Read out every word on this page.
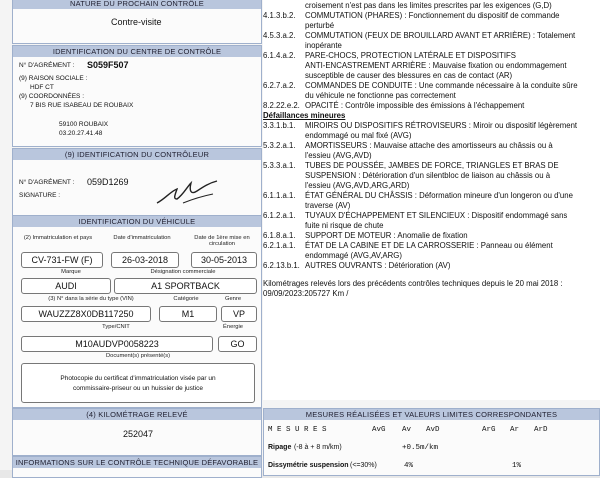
NATURE DU PROCHAIN CONTRÔLE
Contre-visite
IDENTIFICATION DU CENTRE DE CONTRÔLE
N° D'AGRÉMENT : S059F507
(9) RAISON SOCIALE :
HDF CT
(9) COORDONNÉES :
7 BIS RUE ISABEAU DE ROUBAIX
59100 ROUBAIX
03.20.27.41.48
(9) IDENTIFICATION DU CONTRÔLEUR
N° D'AGRÉMENT : 059D1269
SIGNATURE :
IDENTIFICATION DU VÉHICULE
(2) Immatriculation et pays	Date d'immatriculation	Date de 1ère mise en circulation
CV-731-FW (F)	26-03-2018	30-05-2013
Marque	Désignation commerciale
AUDI	A1 SPORTBACK
(3) N° dans la série du type (VIN)	Catégorie	Genre
WAUZZZ8X0DB117250	M1	VP
Type/CNIT	Énergie
M10AUDVP0058223	GO
Document(s) présenté(s)
Photocopie du certificat d'immatriculation visée par un
commissaire-priseur ou un huissier de justice
(4) KILOMÉTRAGE RELEVÉ
252047
INFORMATIONS SUR LE CONTRÔLE TECHNIQUE DÉFAVORABLE
croisement n'est pas dans les limites prescrites par les exigences (G,D)
4.1.3.b.2. COMMUTATION (PHARES) : Fonctionnement du dispositif de commande
perturbé
4.5.3.a.2. COMMUTATION (FEUX DE BROUILLARD AVANT ET ARRIÈRE) : Totalement
inopérante
6.1.4.a.2. PARE-CHOCS, PROTECTION LATÉRALE ET DISPOSITIFS
ANTI-ENCASTREMENT ARRIÈRE : Mauvaise fixation ou endommagement
susceptible de causer des blessures en cas de contact (AR)
6.2.7.a.2. COMMANDES DE CONDUITE : Une commande nécessaire à la conduite sûre
du véhicule ne fonctionne pas correctement
8.2.22.e.2. OPACITÉ : Contrôle impossible des émissions à l'échappement
Défaillances mineures
3.3.1.b.1. MIROIRS OU DISPOSITIFS RÉTROVISEURS : Miroir ou dispositif légèrement
endommagé ou mal fixé (AVG)
5.3.2.a.1. AMORTISSEURS : Mauvaise attache des amortisseurs au châssis ou à
l'essieu (AVG,AVD)
5.3.3.a.1. TUBES DE POUSSÉE, JAMBES DE FORCE, TRIANGLES ET BRAS DE
SUSPENSION : Détérioration d'un silentbloc de liaison au châssis ou à
l'essieu (AVG,AVD,ARG,ARD)
6.1.1.a.1. ÉTAT GÉNÉRAL DU CHÂSSIS : Déformation mineure d'un longeron ou d'une
traverse (AV)
6.1.2.a.1. TUYAUX D'ÉCHAPPEMENT ET SILENCIEUX : Dispositif endommagé sans
fuite ni risque de chute
6.1.8.a.1. SUPPORT DE MOTEUR : Anomalie de fixation
6.2.1.a.1. ÉTAT DE LA CABINE ET DE LA CARROSSERIE : Panneau ou élément
endommagé (AVG,AV,ARG)
6.2.13.b.1. AUTRES OUVRANTS : Détérioration (AV)
Kilométrages relevés lors des précédents contrôles techniques depuis le 20 mai 2018 :
09/09/2023:205727 Km /
MESURES RÉALISÉES ET VALEURS LIMITES CORRESPONDANTES
M E S U R E S	AvG Av AvD	ArG Ar ArD
Ripage (-8 à + 8 m/km)	+0.5m/km
Dissymétrie suspension (<=30%)	4%	1%
